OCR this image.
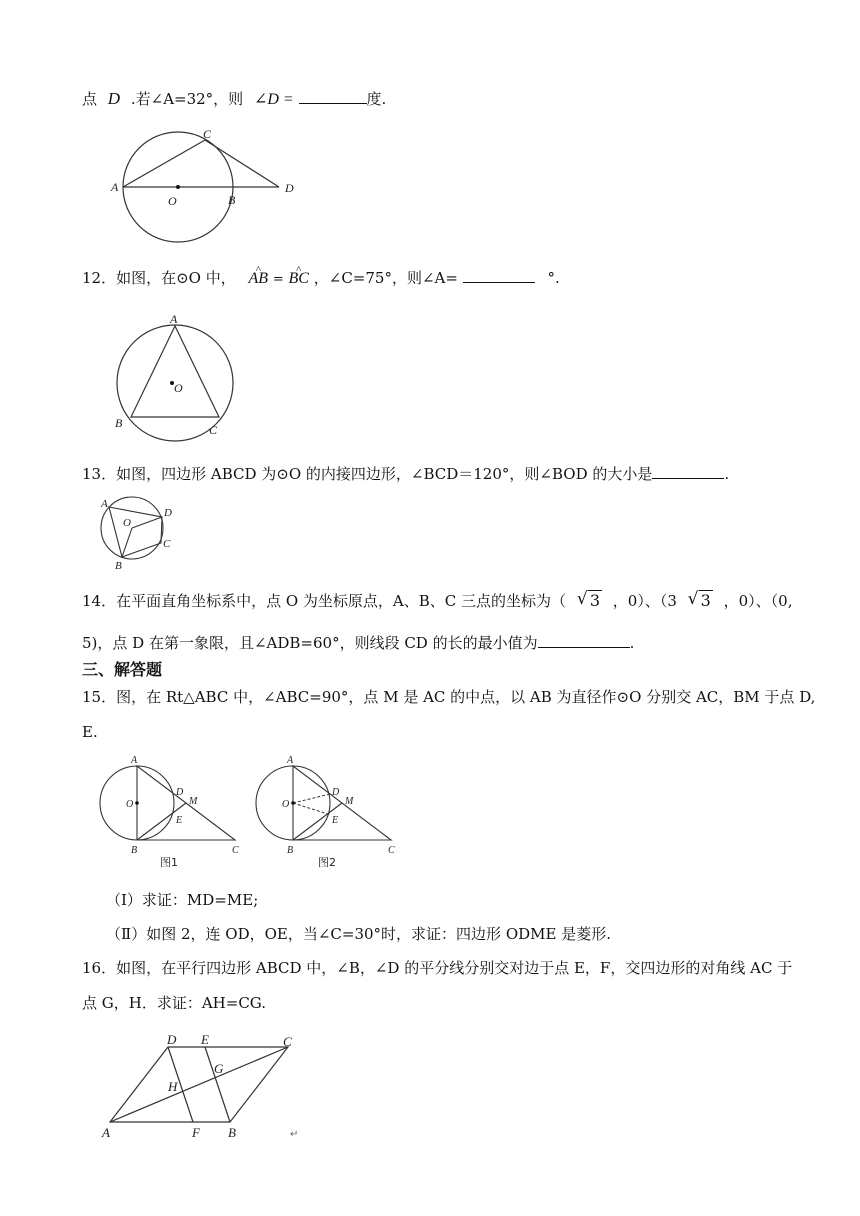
点 D .若∠A=32°，则 ∠D =	度.
A
C
O	B
D
12．如图，在⊙O 中， ^ AB = ^ BC ，∠C=75°，则∠A=	°.
A
O
B	C
13．如图，四边形 ABCD 为⊙O 的内接四边形，∠BCD＝120°，则∠BOD 的大小是	.
A
O
D
C
B
14．在平面直角坐标系中，点 O 为坐标原点，A、B、C 三点的坐标为（ √ 3 ，0）、（3 √ 3 ，0）、（0,
5)，点 D 在第一象限，且∠ADB=60°，则线段 CD 的长的最小值为	.
三、解答题
15．图，在 Rt△ABC 中，∠ABC=90°，点 M 是 AC 的中点，以 AB 为直径作⊙O 分别交 AC，BM 于点 D,
E.
A
O
D
M
E
B	C
图1
A
O
D
M
E
B	C
图2
（Ⅰ）求证：MD=ME;
（Ⅱ）如图 2，连 OD，OE，当∠C=30°时，求证：四边形 ODME 是菱形.
16．如图，在平行四边形 ABCD 中，∠B，∠D 的平分线分别交对边于点 E，F，交四边形的对角线 AC 于
点 G，H．求证：AH=CG.
D E	C
H
G
A	F B	↵
